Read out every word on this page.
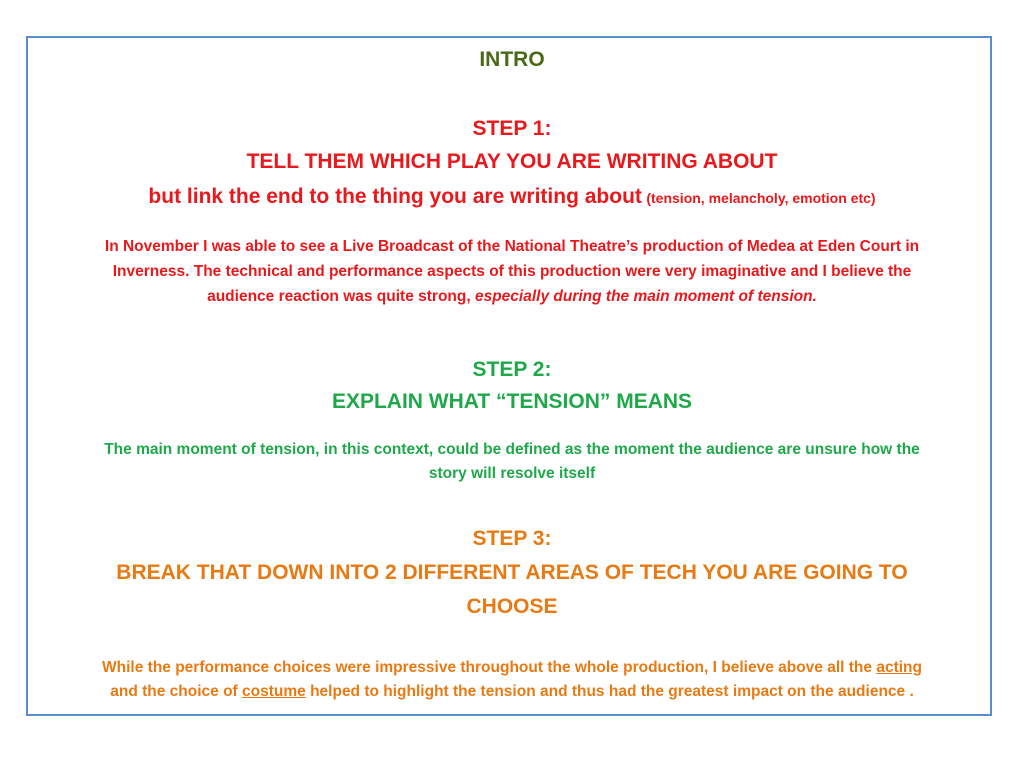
INTRO
STEP 1:
TELL THEM WHICH PLAY YOU ARE WRITING ABOUT
but link the end to the thing you are writing about (tension, melancholy, emotion etc)
In November I was able to see a Live Broadcast of the National Theatre’s production of Medea at Eden Court in
Inverness. The technical and performance aspects of this production were very imaginative and I believe the
audience reaction was quite strong, especially during the main moment of tension.
STEP 2:
EXPLAIN WHAT “TENSION” MEANS
The main moment of tension, in this context, could be defined as the moment the audience are unsure how the
story will resolve itself
STEP 3:
BREAK THAT DOWN INTO 2 DIFFERENT AREAS OF TECH YOU ARE GOING TO
CHOOSE
While the performance choices were impressive throughout the whole production, I believe above all the acting
and the choice of costume helped to highlight the tension and thus had the greatest impact on the audience .
